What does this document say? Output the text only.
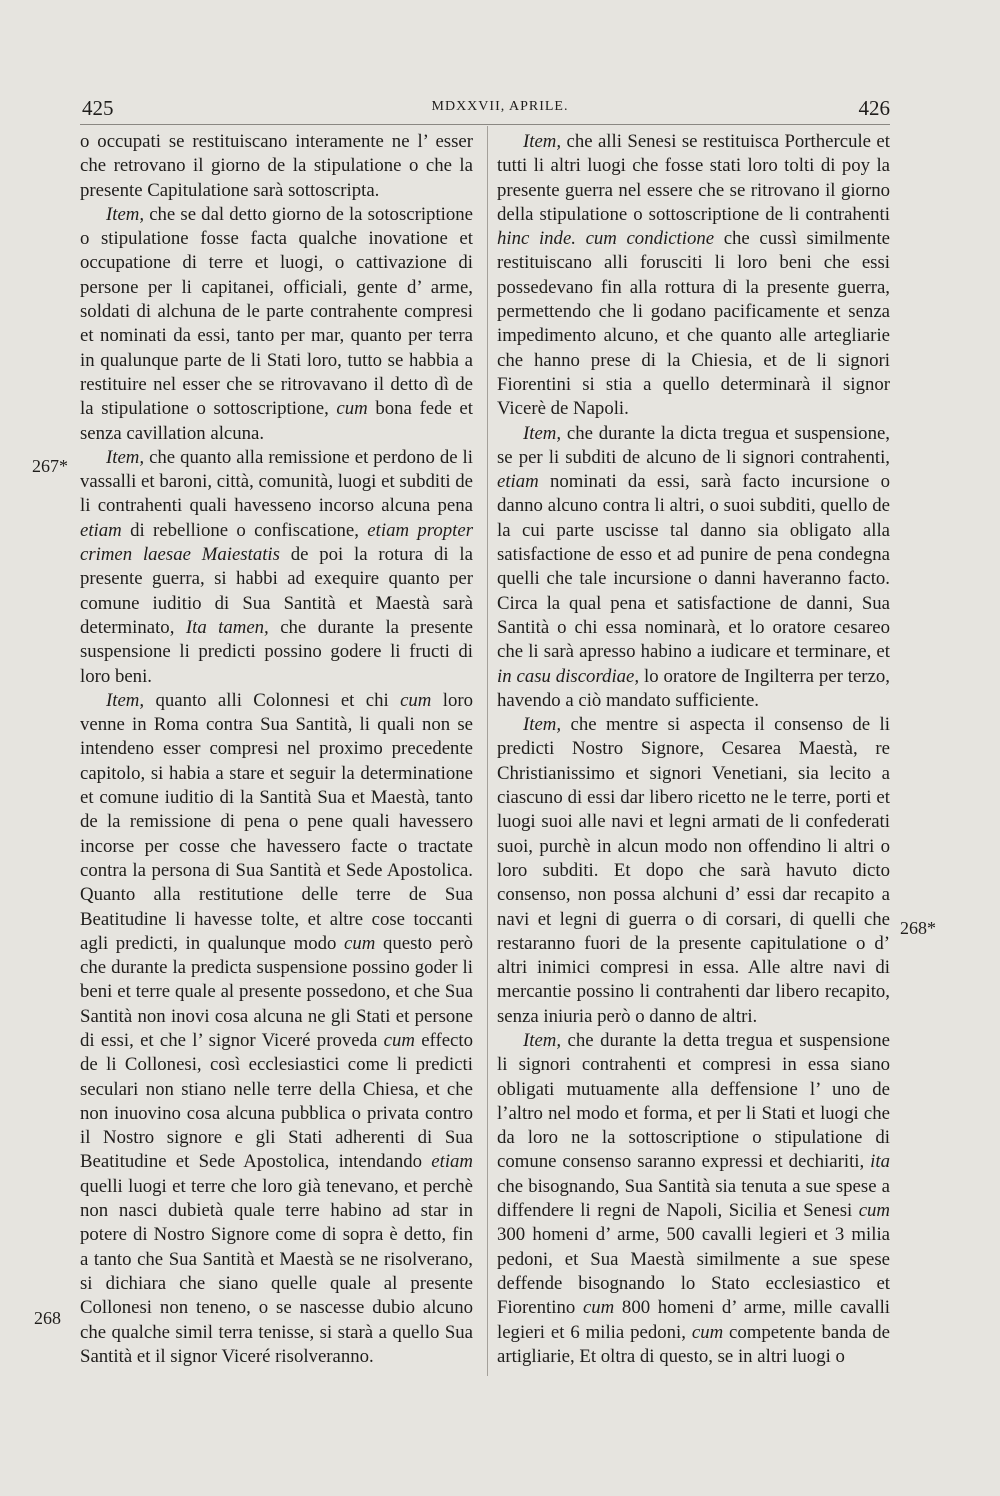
425	MDXXVII, APRILE.	426
267*
268
268*

o occupati se restituiscano interamente ne l’ esser che retrovano il giorno de la stipulatione o che la presente Capitulatione sarà sottoscripta.

Item, che se dal detto giorno de la sotoscriptione o stipulatione fosse facta qualche inovatione et occupatione di terre et luogi, o cattivazione di persone per li capitanei, officiali, gente d’ arme, soldati di alchuna de le parte contrahente compresi et nominati da essi, tanto per mar, quanto per terra in qualunque parte de li Stati loro, tutto se habbia a restituire nel esser che se ritrovavano il detto dì de la stipulatione o sottoscriptione, cum bona fede et senza cavillation alcuna.

Item, che quanto alla remissione et perdono de li vassalli et baroni, città, comunità, luogi et subditi de li contrahenti quali havesseno incorso alcuna pena etiam di rebellione o confiscatione, etiam propter crimen laesae Maiestatis de poi la rotura di la presente guerra, si habbi ad exequire quanto per comune iuditio di Sua Santità et Maestà sarà determinato, Ita tamen, che durante la presente suspensione li predicti possino godere li fructi di loro beni.

Item, quanto alli Colonnesi et chi cum loro venne in Roma contra Sua Santità, li quali non se intendeno esser compresi nel proximo precedente capitolo, si habia a stare et seguir la determinatione et comune iuditio di la Santità Sua et Maestà, tanto de la remissione di pena o pene quali havessero incorse per cosse che havessero facte o tractate contra la persona di Sua Santità et Sede Apostolica. Quanto alla restitutione delle terre de Sua Beatitudine li havesse tolte, et altre cose toccanti agli predicti, in qualunque modo cum questo però che durante la predicta suspensione possino goder li beni et terre quale al presente possedono, et che Sua Santità non inovi cosa alcuna ne gli Stati et persone di essi, et che l’ signor Viceré proveda cum effecto de li Collonesi, così ecclesiastici come li predicti seculari non stiano nelle terre della Chiesa, et che non inuovino cosa alcuna pubblica o privata contro il Nostro signore e gli Stati adherenti di Sua Beatitudine et Sede Apostolica, intendando etiam quelli luogi et terre che loro già tenevano, et perchè non nasci dubietà quale terre habino ad star in potere di Nostro Signore come di sopra è detto, fin a tanto che Sua Santità et Maestà se ne risolverano, si dichiara che siano quelle quale al presente Collonesi non teneno, o se nascesse dubio alcuno che qualche simil terra tenisse, si starà a quello Sua Santità et il signor Viceré risolveranno.

Item, che alli Senesi se restituisca Porthercule et tutti li altri luogi che fosse stati loro tolti di poy la presente guerra nel essere che se ritrovano il giorno della stipulatione o sottoscriptione de li contrahenti hinc inde. cum condictione che cussì similmente restituiscano alli forusciti li loro beni che essi possedevano fin alla rottura di la presente guerra, permettendo che li godano pacificamente et senza impedimento alcuno, et che quanto alle artegliarie che hanno prese di la Chiesia, et de li signori Fiorentini si stia a quello determinarà il signor Vicerè de Napoli.

Item, che durante la dicta tregua et suspensione, se per li subditi de alcuno de li signori contrahenti, etiam nominati da essi, sarà facto incursione o danno alcuno contra li altri, o suoi subditi, quello de la cui parte uscisse tal danno sia obligato alla satisfactione de esso et ad punire de pena condegna quelli che tale incursione o danni haveranno facto. Circa la qual pena et satisfactione de danni, Sua Santità o chi essa nominarà, et lo oratore cesareo che li sarà apresso habino a iudicare et terminare, et in casu discordiae, lo oratore de Ingilterra per terzo, havendo a ciò mandato sufficiente.

Item, che mentre si aspecta il consenso de li predicti Nostro Signore, Cesarea Maestà, re Christianissimo et signori Venetiani, sia lecito a ciascuno di essi dar libero ricetto ne le terre, porti et luogi suoi alle navi et legni armati de li confederati suoi, purchè in alcun modo non offendino li altri o loro subditi. Et dopo che sarà havuto dicto consenso, non possa alchuni d’ essi dar recapito a navi et legni di guerra o di corsari, di quelli che restaranno fuori de la presente capitulatione o d’ altri inimici compresi in essa. Alle altre navi di mercantie possino li contrahenti dar libero recapito, senza iniuria però o danno de altri.

Item, che durante la detta tregua et suspensione li signori contrahenti et compresi in essa siano obligati mutuamente alla deffensione l’ uno de l’altro nel modo et forma, et per li Stati et luogi che da loro ne la sottoscriptione o stipulatione di comune consenso saranno expressi et dechiariti, ita che bisognando, Sua Santità sia tenuta a sue spese a diffendere li regni de Napoli, Sicilia et Senesi cum 300 homeni d’ arme, 500 cavalli legieri et 3 milia pedoni, et Sua Maestà similmente a sue spese deffende bisognando lo Stato ecclesiastico et Fiorentino cum 800 homeni d’ arme, mille cavalli legieri et 6 milia pedoni, cum competente banda de artigliarie, Et oltra di questo, se in altri luogi o
